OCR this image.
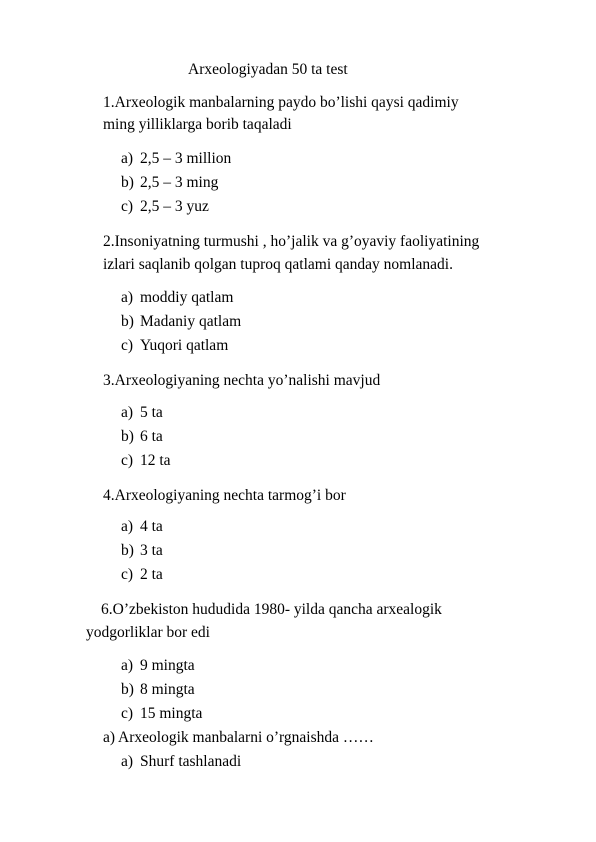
Arxeologiyadan 50 ta test
1.Arxeologik manbalarning paydo bo’lishi qaysi qadimiy
ming yilliklarga borib taqaladi
a) 2,5 – 3 million
b) 2,5 – 3 ming
c) 2,5 – 3 yuz
2.Insoniyatning turmushi , ho’jalik va g’oyaviy faoliyatining
izlari saqlanib qolgan tuproq qatlami qanday nomlanadi.
a) moddiy qatlam
b) Madaniy qatlam
c) Yuqori qatlam
3.Arxeologiyaning nechta yo’nalishi mavjud
a) 5 ta
b) 6 ta
c) 12 ta
4.Arxeologiyaning nechta tarmog’i bor
a) 4 ta
b) 3 ta
c) 2 ta
6.O’zbekiston hududida 1980- yilda qancha arxealogik
yodgorliklar bor edi
a) 9 mingta
b) 8 mingta
c) 15 mingta
a) Arxeologik manbalarni o’rgnaishda ……
a) Shurf tashlanadi
